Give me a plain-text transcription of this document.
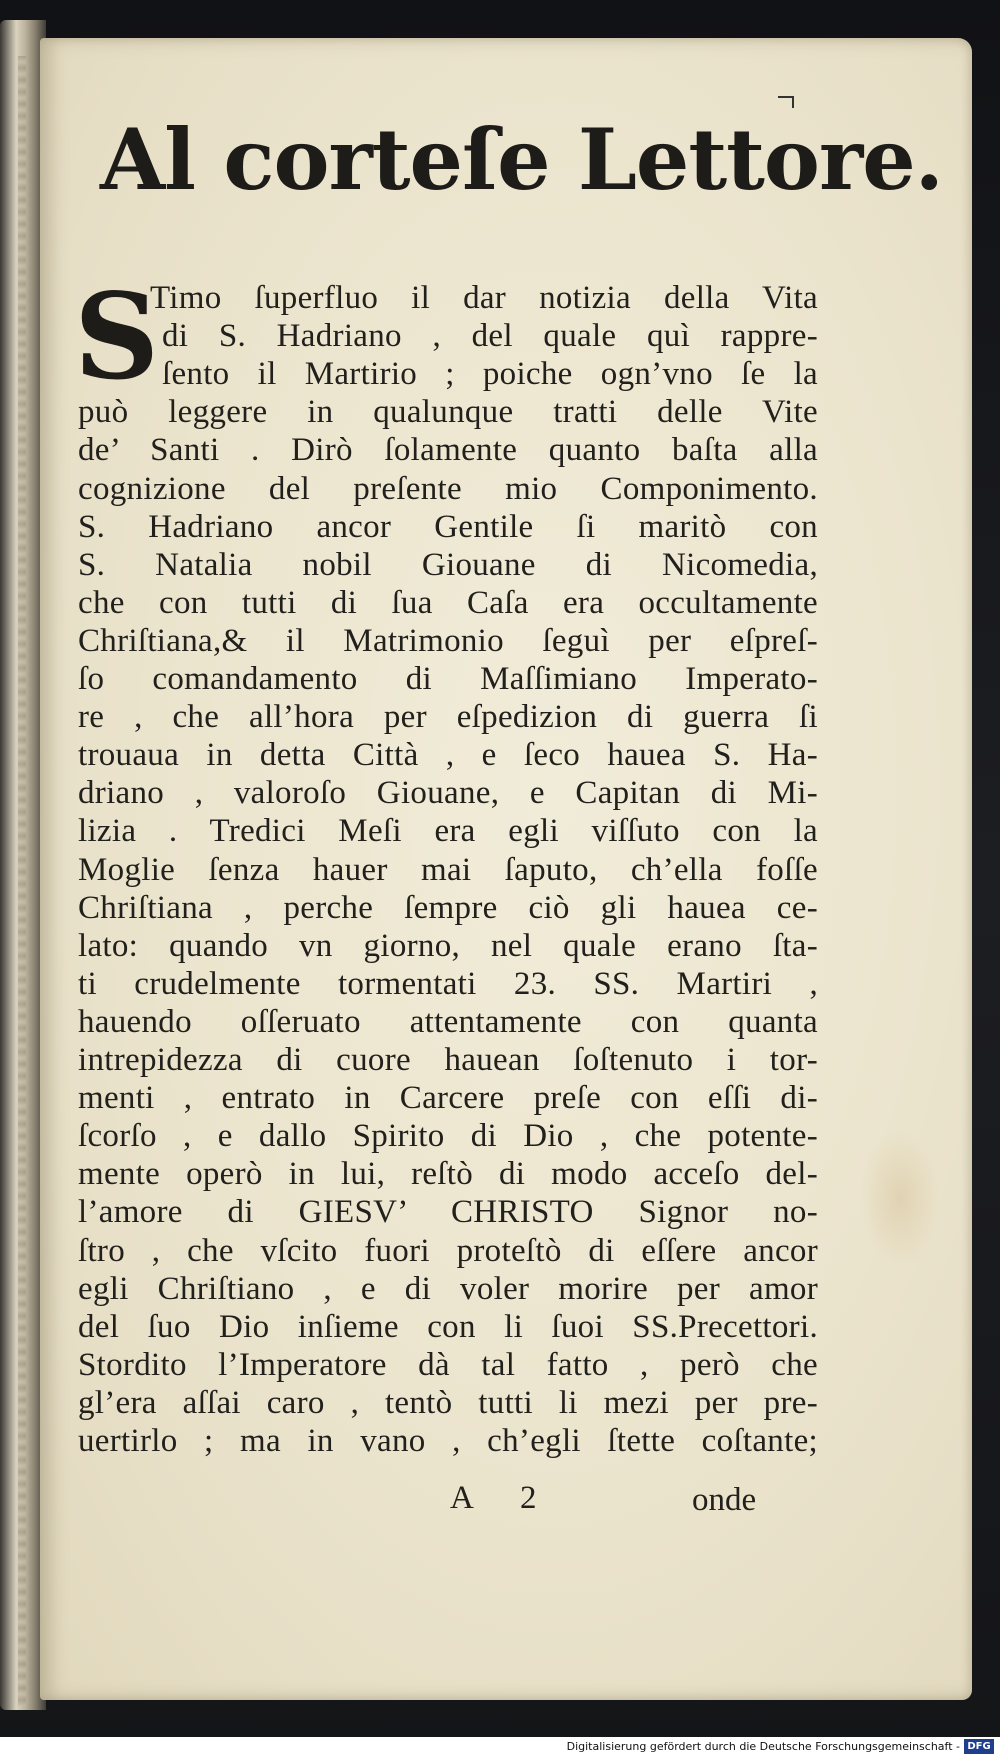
Al corteſe Lettore.
S
Timo ſuperfluo il dar notizia della Vita
di S. Hadriano , del quale quì rappre-
ſento il Martirio ; poiche ogn’vno ſe la
può leggere in qualunque tratti delle Vite
de’ Santi . Dirò ſolamente quanto baſta alla
cognizione del preſente mio Componimento.
S. Hadriano ancor Gentile ſi maritò con
S. Natalia nobil Giouane di Nicomedia,
che con tutti di ſua Caſa era occultamente
Chriſtiana,& il Matrimonio ſeguì per eſpreſ-
ſo comandamento di Maſſimiano Imperato-
re , che all’hora per eſpedizion di guerra ſi
trouaua in detta Città , e ſeco hauea S. Ha-
driano , valoroſo Giouane, e Capitan di Mi-
lizia . Tredici Meſi era egli viſſuto con la
Moglie ſenza hauer mai ſaputo, ch’ella foſſe
Chriſtiana , perche ſempre ciò gli hauea ce-
lato: quando vn giorno, nel quale erano ſta-
ti crudelmente tormentati 23. SS. Martiri ,
hauendo oſſeruato attentamente con quanta
intrepidezza di cuore hauean ſoſtenuto i tor-
menti , entrato in Carcere preſe con eſſi di-
ſcorſo , e dallo Spirito di Dio , che potente-
mente operò in lui, reſtò di modo acceſo del-
l’amore di GIESV’ CHRISTO Signor no-
ſtro , che vſcito fuori proteſtò di eſſere ancor
egli Chriſtiano , e di voler morire per amor
del ſuo Dio inſieme con li ſuoi SS.Precettori.
Stordito l’Imperatore dà tal fatto , però che
gl’era aſſai caro , tentò tutti li mezi per pre-
uertirlo ; ma in vano , ch’egli ſtette coſtante;
A 2	onde
Digitalisierung gefördert durch die Deutsche Forschungsgemeinschaft - DFG
